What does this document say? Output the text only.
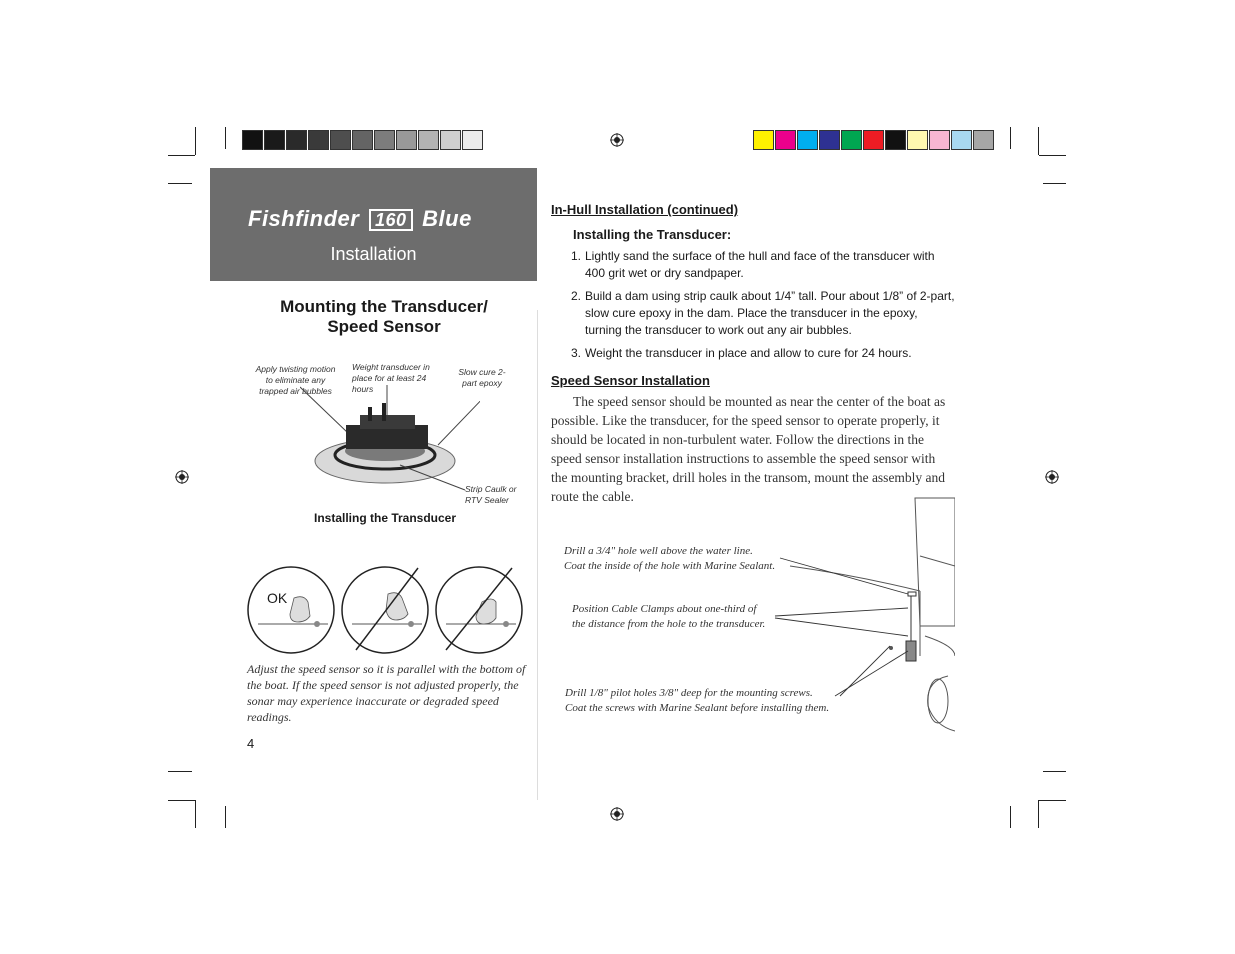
Fishfinder 160 Blue
Installation
Mounting the Transducer/
Speed Sensor
Apply twisting motion to eliminate any trapped air bubbles
Weight transducer in place for at least 24 hours
Slow cure 2-part epoxy
Strip Caulk or RTV Sealer
Installing the Transducer
OK
Adjust the speed sensor so it is parallel with the bottom of the boat. If the speed sensor is not adjusted properly, the sonar may experience inaccurate or degraded speed readings.
4
In-Hull Installation (continued)
Installing the Transducer:
1. Lightly sand the surface of the hull and face of the transducer with 400 grit wet or dry sandpaper.
2. Build a dam using strip caulk about 1/4” tall. Pour about 1/8” of 2-part, slow cure epoxy in the dam. Place the transducer in the epoxy, turning the transducer to work out any air bubbles.
3. Weight the transducer in place and allow to cure for 24 hours.
Speed Sensor Installation
The speed sensor should be mounted as near the center of the boat as possible. Like the transducer, for the speed sensor to operate properly, it should be located in non-turbulent water. Follow the directions in the speed sensor installation instructions to assemble the speed sensor with the mounting bracket, drill holes in the transom, mount the assembly and route the cable.
Drill a 3/4" hole well above the water line.
Coat the inside of the hole with Marine Sealant.
Position Cable Clamps about one-third of
the distance from the hole to the transducer.
Drill 1/8" pilot holes 3/8" deep for the mounting screws.
Coat the screws with Marine Sealant before installing them.
